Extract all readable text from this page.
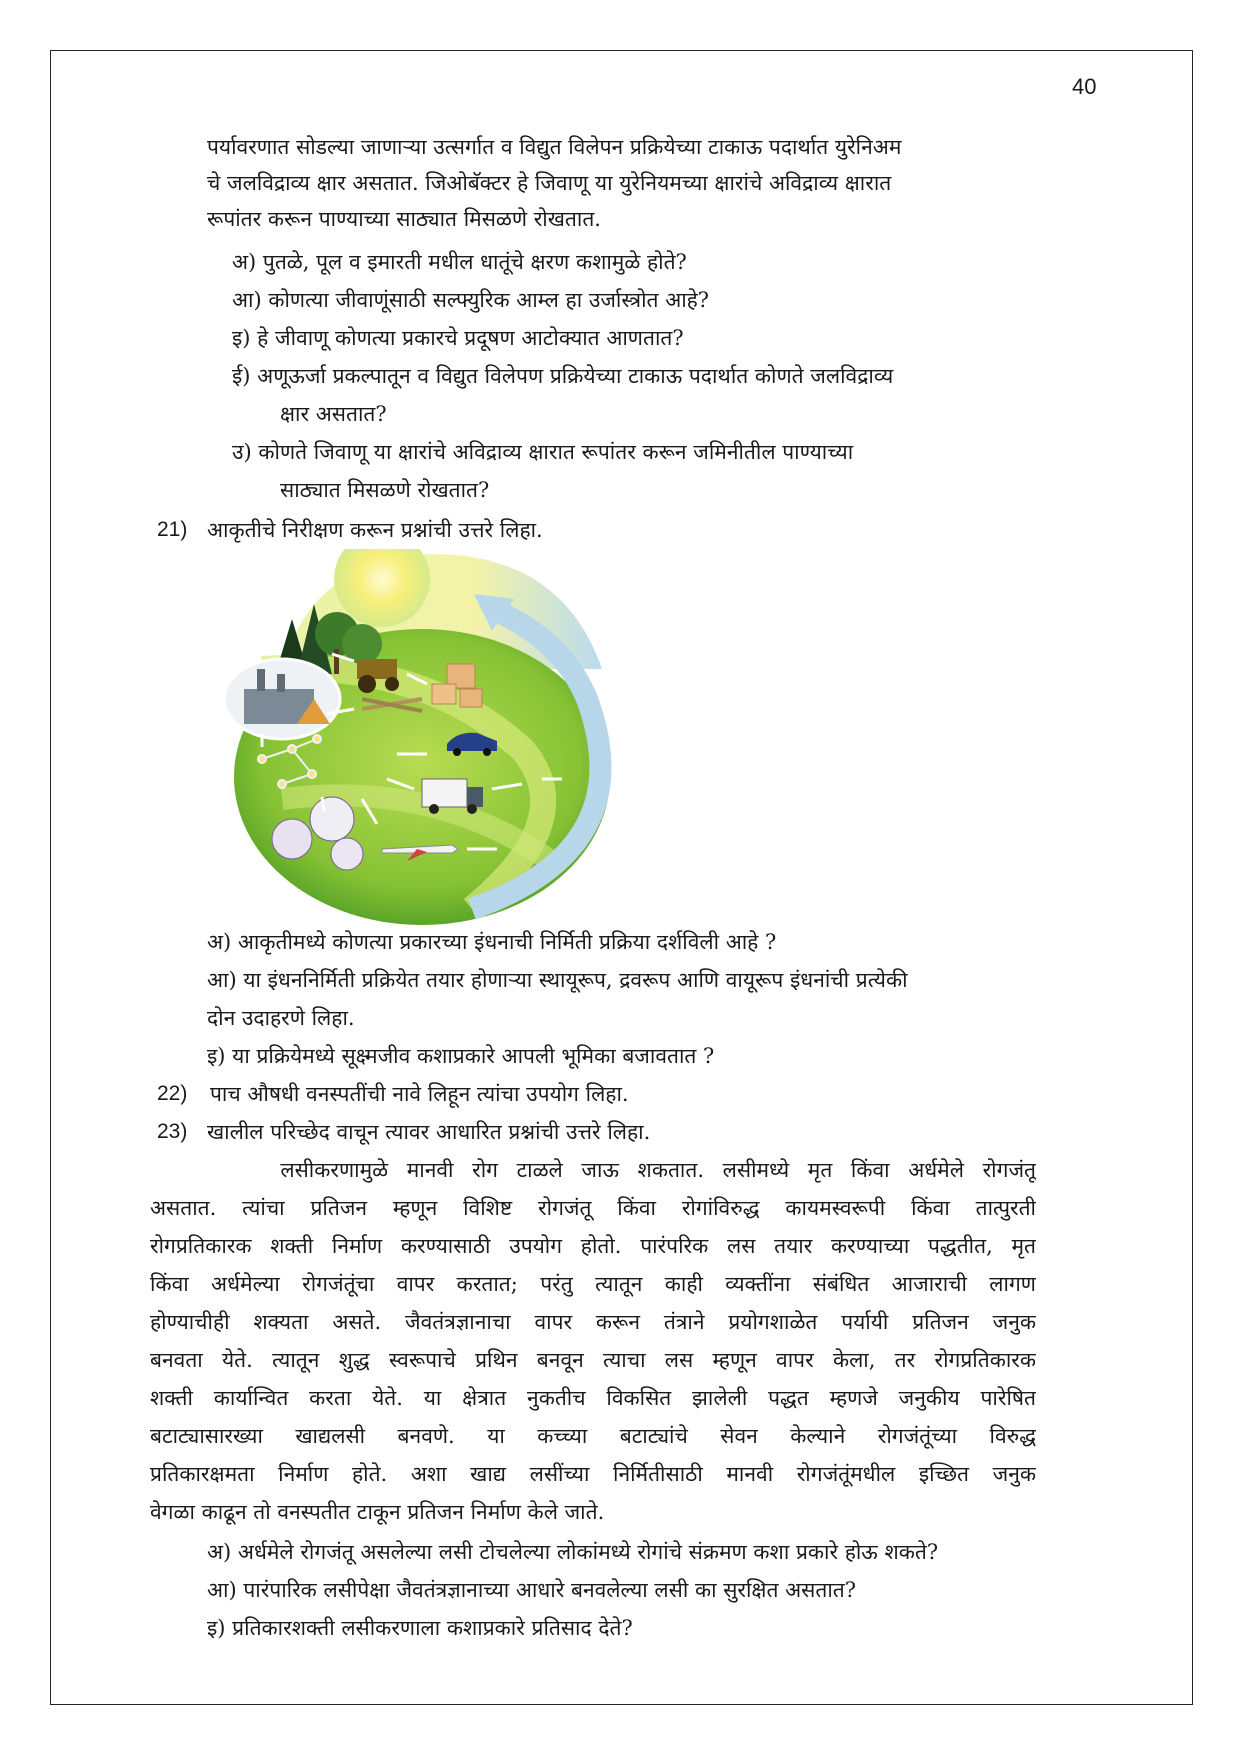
40
पर्यावरणात सोडल्या जाणाऱ्या उत्सर्गात व विद्युत विलेपन प्रक्रियेच्या टाकाऊ पदार्थात युरेनिअम
चे जलविद्राव्य क्षार असतात. जिओबॅक्टर हे जिवाणू या युरेनियमच्या क्षारांचे अविद्राव्य क्षारात
रूपांतर करून पाण्याच्या साठ्यात मिसळणे रोखतात.
अ) पुतळे, पूल व इमारती मधील धातूंचे क्षरण कशामुळे होते?
आ) कोणत्या जीवाणूंसाठी सल्फ्युरिक आम्ल हा उर्जास्त्रोत आहे?
इ) हे जीवाणू कोणत्या प्रकारचे प्रदूषण आटोक्यात आणतात?
ई) अणूऊर्जा प्रकल्पातून व विद्युत विलेपण प्रक्रियेच्या टाकाऊ पदार्थात कोणते जलविद्राव्य
क्षार असतात?
उ) कोणते जिवाणू या क्षारांचे अविद्राव्य क्षारात रूपांतर करून जमिनीतील पाण्याच्या
साठ्यात मिसळणे रोखतात?
21) आकृतीचे निरीक्षण करून प्रश्नांची उत्तरे लिहा.
अ) आकृतीमध्ये कोणत्या प्रकारच्या इंधनाची निर्मिती प्रक्रिया दर्शविली आहे ?
आ) या इंधननिर्मिती प्रक्रियेत तयार होणाऱ्या स्थायूरूप, द्रवरूप आणि वायूरूप इंधनांची प्रत्येकी
दोन उदाहरणे लिहा.
इ) या प्रक्रियेमध्ये सूक्ष्मजीव कशाप्रकारे आपली भूमिका बजावतात ?
22) पाच औषधी वनस्पतींची नावे लिहून त्यांचा उपयोग लिहा.
23) खालील परिच्छेद वाचून त्यावर आधारित प्रश्नांची उत्तरे लिहा.
लसीकरणामुळे मानवी रोग टाळले जाऊ शकतात. लसीमध्ये मृत किंवा अर्धमेले रोगजंतू
असतात. त्यांचा प्रतिजन म्हणून विशिष्ट रोगजंतू किंवा रोगांविरुद्ध कायमस्वरूपी किंवा तात्पुरती
रोगप्रतिकारक शक्ती निर्माण करण्यासाठी उपयोग होतो. पारंपरिक लस तयार करण्याच्या पद्धतीत, मृत
किंवा अर्धमेल्या रोगजंतूंचा वापर करतात; परंतु त्यातून काही व्यक्तींना संबंधित आजाराची लागण
होण्याचीही शक्यता असते. जैवतंत्रज्ञानाचा वापर करून तंत्राने प्रयोगशाळेत पर्यायी प्रतिजन जनुक
बनवता येते. त्यातून शुद्ध स्वरूपाचे प्रथिन बनवून त्याचा लस म्हणून वापर केला, तर रोगप्रतिकारक
शक्ती कार्यान्वित करता येते. या क्षेत्रात नुकतीच विकसित झालेली पद्धत म्हणजे जनुकीय पारेषित
बटाट्यासारख्या खाद्यलसी बनवणे. या कच्च्या बटाट्यांचे सेवन केल्याने रोगजंतूंच्या विरुद्ध
प्रतिकारक्षमता निर्माण होते. अशा खाद्य लसींच्या निर्मितीसाठी मानवी रोगजंतूंमधील इच्छित जनुक
वेगळा काढून तो वनस्पतीत टाकून प्रतिजन निर्माण केले जाते.
अ) अर्धमेले रोगजंतू असलेल्या लसी टोचलेल्या लोकांमध्ये रोगांचे संक्रमण कशा प्रकारे होऊ शकते?
आ) पारंपारिक लसीपेक्षा जैवतंत्रज्ञानाच्या आधारे बनवलेल्या लसी का सुरक्षित असतात?
इ) प्रतिकारशक्ती लसीकरणाला कशाप्रकारे प्रतिसाद देते?
